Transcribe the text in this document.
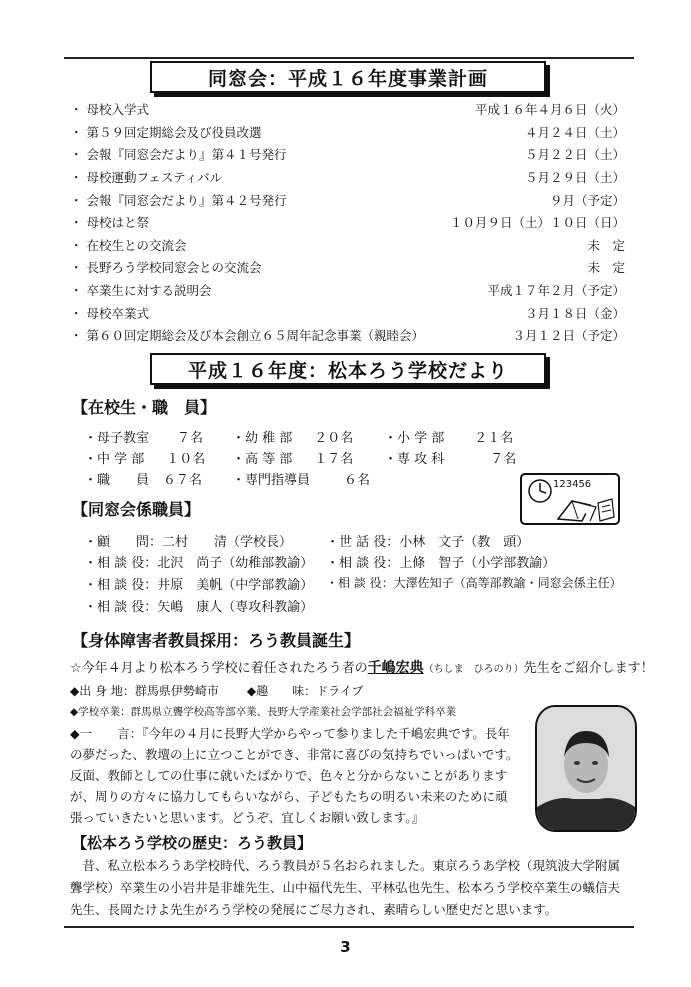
同窓会：平成１６年度事業計画
・ 母校入学式	平成１６年４月６日（火）
・ 第５９回定期総会及び役員改選	４月２４日（土）
・ 会報『同窓会だより』第４１号発行	５月２２日（土）
・ 母校運動フェスティバル	５月２９日（土）
・ 会報『同窓会だより』第４２号発行	９月（予定）
・ 母校はと祭	１０月９日（土）１０日（日）
・ 在校生との交流会	未　定
・ 長野ろう学校同窓会との交流会	未　定
・ 卒業生に対する説明会	平成１７年２月（予定）
・ 母校卒業式	３月１８日（金）
・ 第６０回定期総会及び本会創立６５周年記念事業（親睦会）	３月１２日（予定）
平成１６年度：松本ろう学校だより
【在校生・職　員】
・母子教室 ７名 ・幼 稚 部 ２０名 ・小 学 部 ２１名
・中 学 部 １０名 ・高 等 部 １７名 ・専 攻 科	７名
・職　　員 ６７名 ・専門指導員	６名	123456
【同窓会係職員】
・顧　　問：二村　　清（学校長）	・世 話 役：小林　文子（教　頭）
・相 談 役：北沢　尚子（幼稚部教諭） ・相 談 役：上條　智子（小学部教諭）
・相 談 役：井原　美帆（中学部教諭） ・相 談 役：大澤佐知子（高等部教諭・同窓会係主任）
・相 談 役：矢嶋　康人（専攻科教諭）
【身体障害者教員採用：ろう教員誕生】
☆今年４月より松本ろう学校に着任されたろう者の千嶋宏典（ちしま　ひろのり）先生をご紹介します！
◆出 身 地：群馬県伊勢崎市 ◆趣　　味：ドライブ
◆学校卒業：群馬県立聾学校高等部卒業、長野大学産業社会学部社会福祉学科卒業
◆一　　言：『今年の４月に長野大学からやって参りました千嶋宏典です。長年
の夢だった、教壇の上に立つことができ、非常に喜びの気持ちでいっぱいです。
反面、教師としての仕事に就いたばかりで、色々と分からないことがあります
が、周りの方々に協力してもらいながら、子どもたちの明るい未来のために頑
張っていきたいと思います。どうぞ、宜しくお願い致します。』
【松本ろう学校の歴史：ろう教員】
　昔、私立松本ろうあ学校時代、ろう教員が５名おられました。東京ろうあ学校（現筑波大学附属
聾学校）卒業生の小岩井是非雄先生、山中福代先生、平林弘也先生、松本ろう学校卒業生の蟻信夫
先生、長岡たけよ先生がろう学校の発展にご尽力され、素晴らしい歴史だと思います。
3
